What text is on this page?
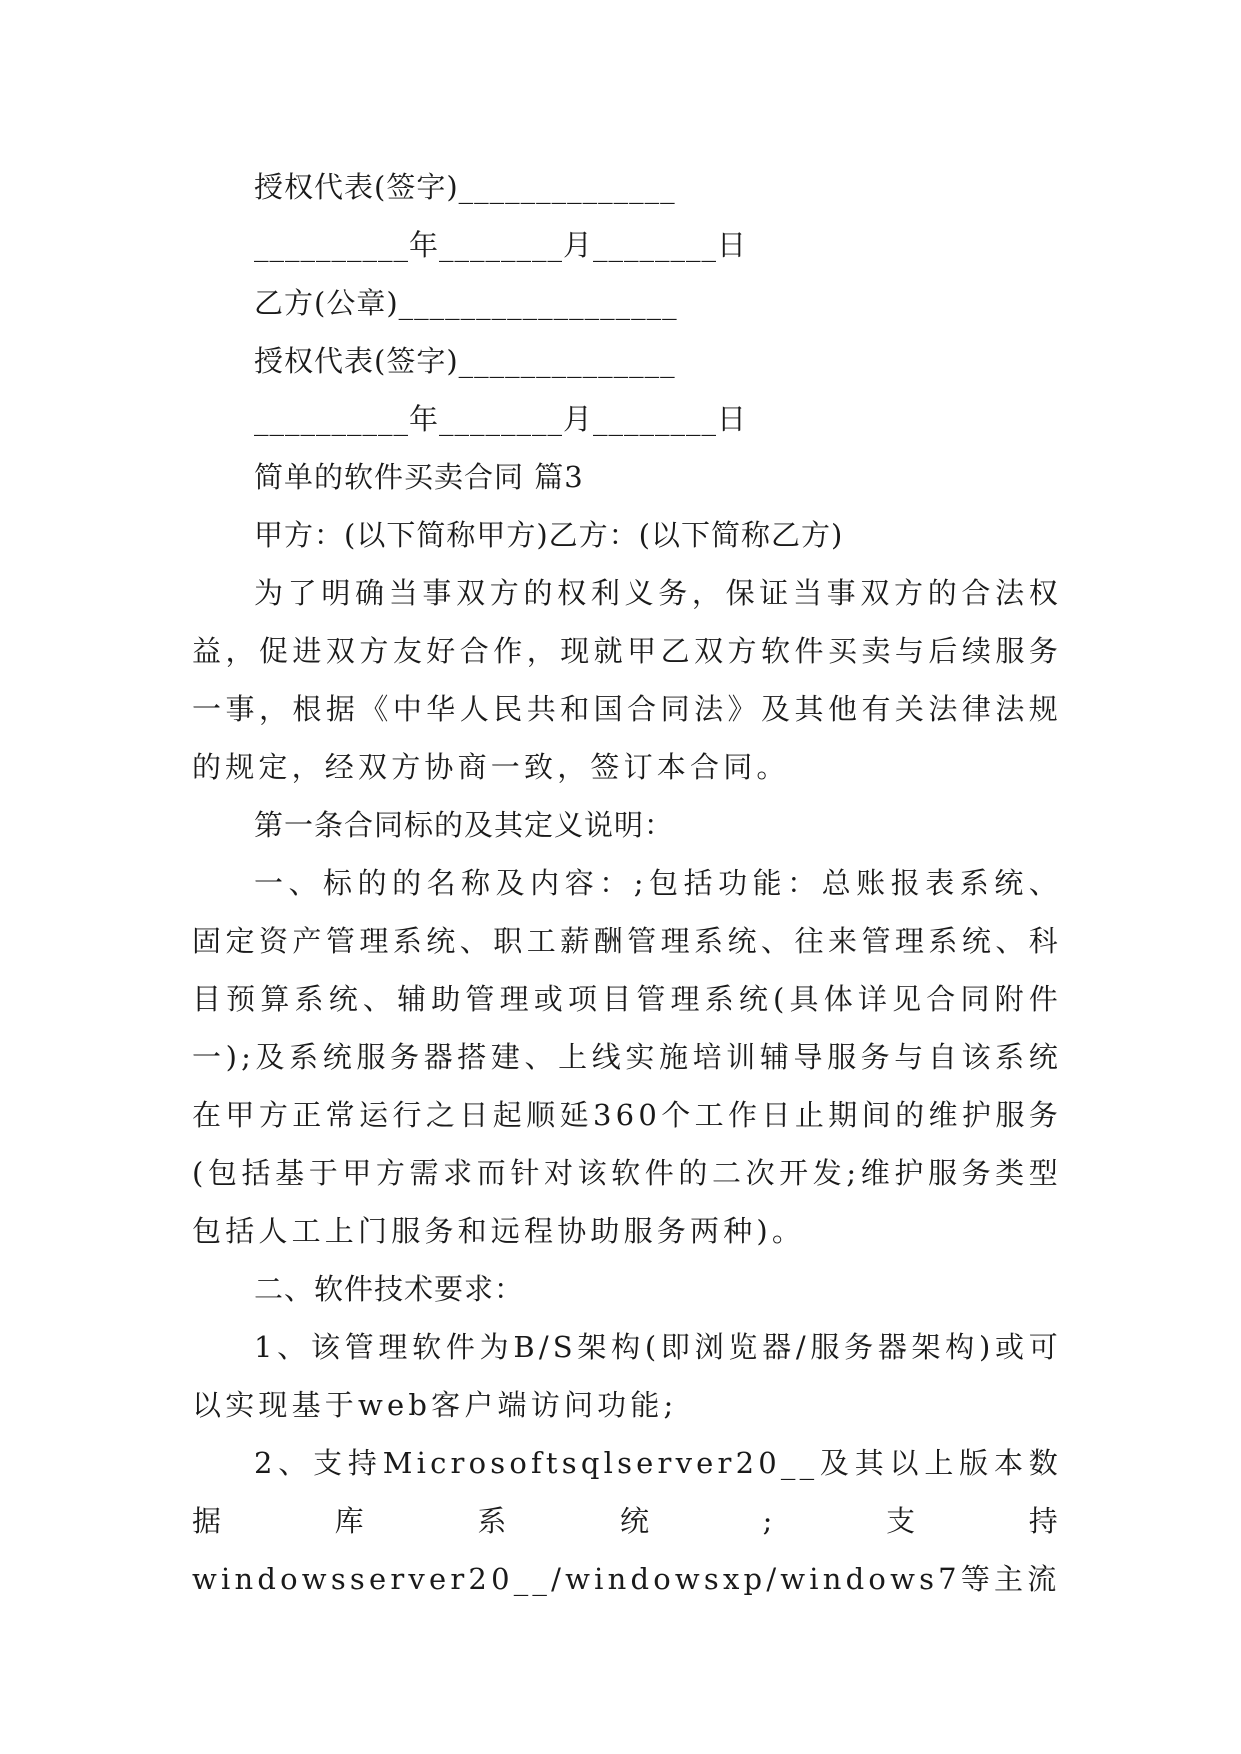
授权代表(签字)______________
__________年________月________日
乙方(公章)__________________
授权代表(签字)______________
__________年________月________日
简单的软件买卖合同 篇3
甲方：(以下简称甲方)乙方：(以下简称乙方)

为了明确当事双方的权利义务，保证当事双方的合法权益，促进双方友好合作，现就甲乙双方软件买卖与后续服务一事，根据《中华人民共和国合同法》及其他有关法律法规的规定，经双方协商一致，签订本合同。

第一条合同标的及其定义说明：

一、标的的名称及内容：;包括功能：总账报表系统、固定资产管理系统、职工薪酬管理系统、往来管理系统、科目预算系统、辅助管理或项目管理系统(具体详见合同附件一);及系统服务器搭建、上线实施培训辅导服务与自该系统在甲方正常运行之日起顺延360个工作日止期间的维护服务(包括基于甲方需求而针对该软件的二次开发;维护服务类型包括人工上门服务和远程协助服务两种)。

二、软件技术要求：

1、该管理软件为B/S架构(即浏览器/服务器架构)或可以实现基于web客户端访问功能;

2、支持Microsoftsqlserver20__及其以上版本数据库系统;支持windowsserver20__/windowsxp/windows7等主流
